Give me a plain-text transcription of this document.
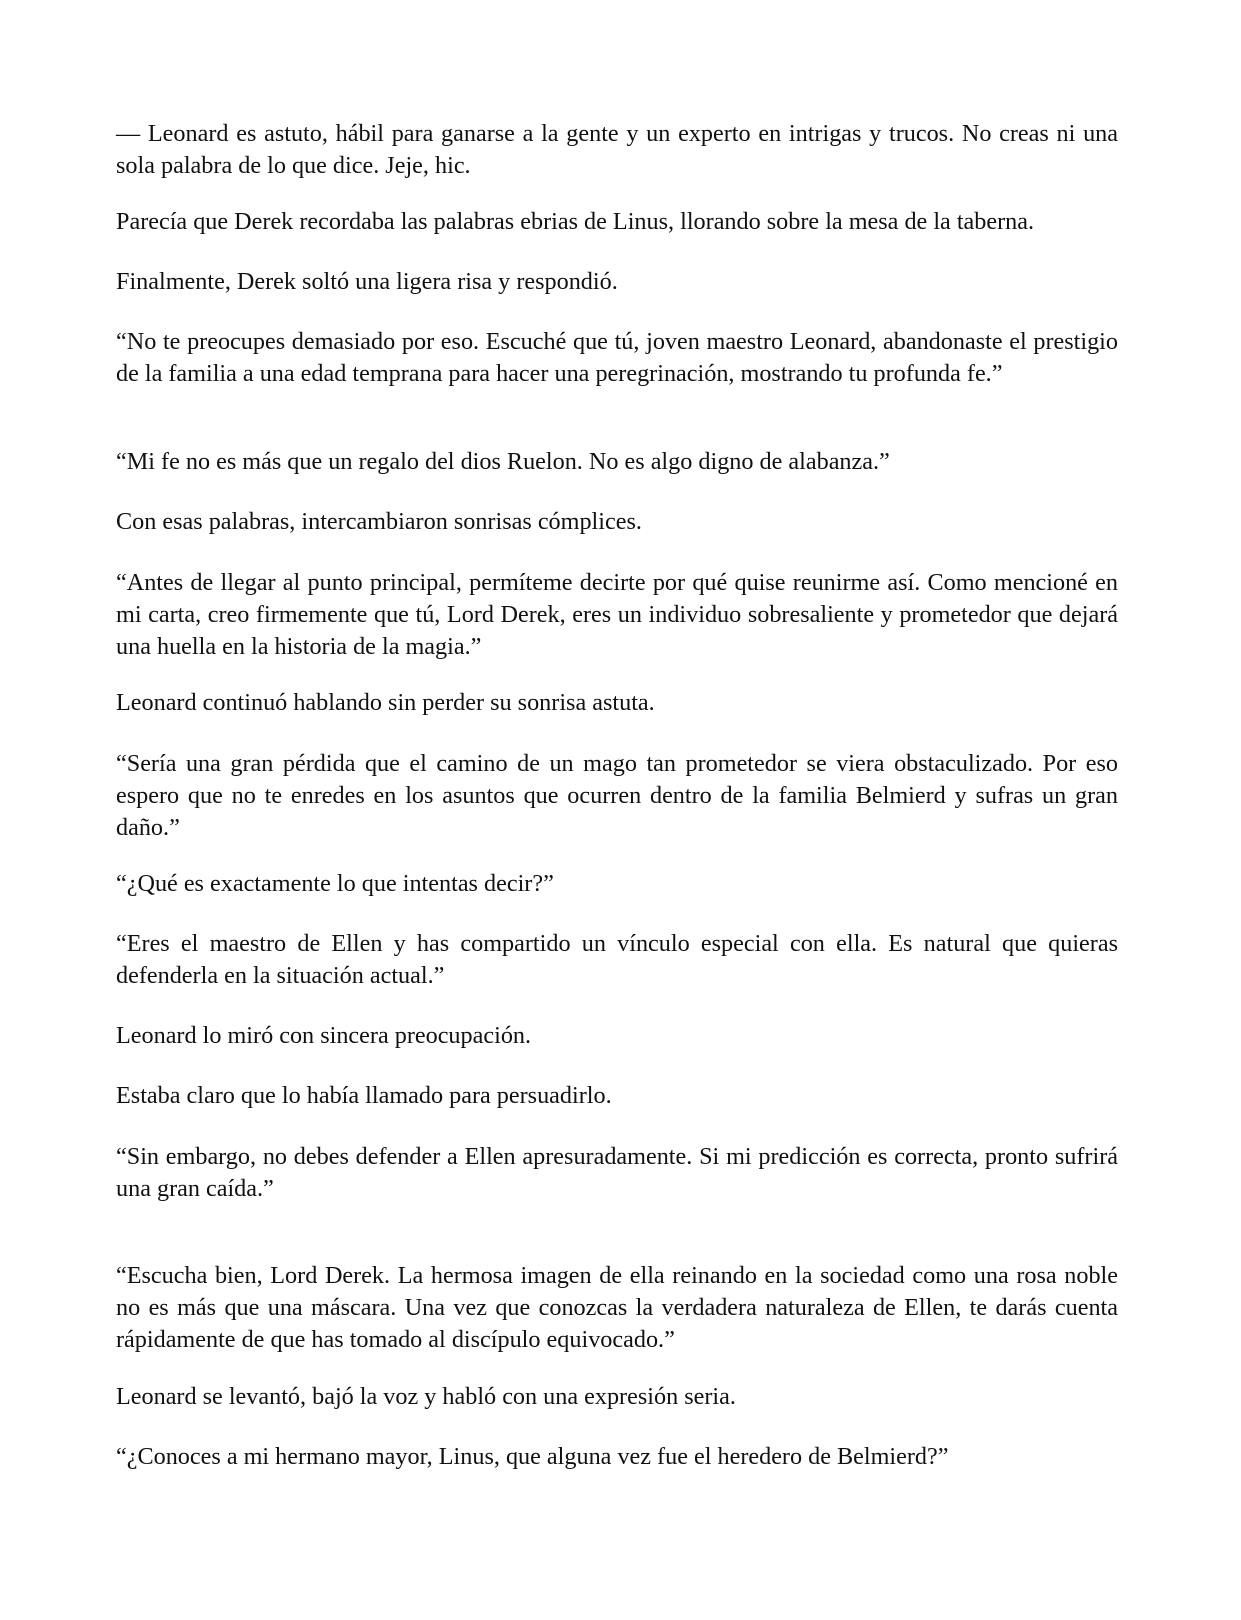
— Leonard es astuto, hábil para ganarse a la gente y un experto en intrigas y trucos. No creas ni una sola palabra de lo que dice. Jeje, hic.

Parecía que Derek recordaba las palabras ebrias de Linus, llorando sobre la mesa de la taberna.

Finalmente, Derek soltó una ligera risa y respondió.

“No te preocupes demasiado por eso. Escuché que tú, joven maestro Leonard, abandonaste el prestigio de la familia a una edad temprana para hacer una peregrinación, mostrando tu profunda fe.”

“Mi fe no es más que un regalo del dios Ruelon. No es algo digno de alabanza.”

Con esas palabras, intercambiaron sonrisas cómplices.

“Antes de llegar al punto principal, permíteme decirte por qué quise reunirme así. Como mencioné en mi carta, creo firmemente que tú, Lord Derek, eres un individuo sobresaliente y prometedor que dejará una huella en la historia de la magia.”

Leonard continuó hablando sin perder su sonrisa astuta.

“Sería una gran pérdida que el camino de un mago tan prometedor se viera obstaculizado. Por eso espero que no te enredes en los asuntos que ocurren dentro de la familia Belmierd y sufras un gran daño.”

“¿Qué es exactamente lo que intentas decir?”

“Eres el maestro de Ellen y has compartido un vínculo especial con ella. Es natural que quieras defenderla en la situación actual.”

Leonard lo miró con sincera preocupación.

Estaba claro que lo había llamado para persuadirlo.

“Sin embargo, no debes defender a Ellen apresuradamente. Si mi predicción es correcta, pronto sufrirá una gran caída.”

“Escucha bien, Lord Derek. La hermosa imagen de ella reinando en la sociedad como una rosa noble no es más que una máscara. Una vez que conozcas la verdadera naturaleza de Ellen, te darás cuenta rápidamente de que has tomado al discípulo equivocado.”

Leonard se levantó, bajó la voz y habló con una expresión seria.

“¿Conoces a mi hermano mayor, Linus, que alguna vez fue el heredero de Belmierd?”
